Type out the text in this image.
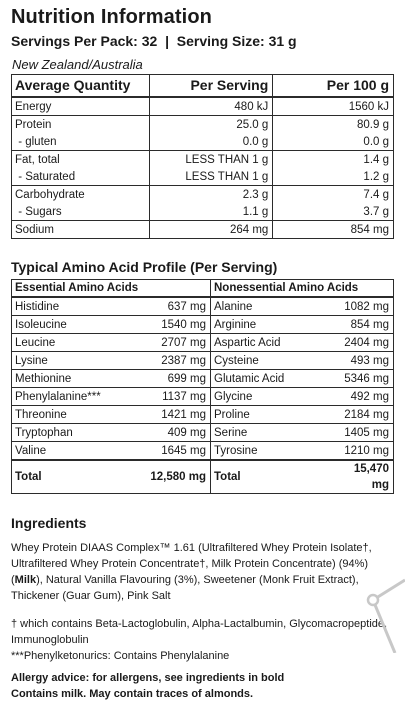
Nutrition Information
Servings Per Pack: 32  |  Serving Size: 31 g
New Zealand/Australia
Average Quantity	Per Serving	Per 100 g
Energy	480 kJ	1560 kJ
Protein	25.0 g	80.9 g
- gluten	0.0 g	0.0 g
Fat, total	LESS THAN 1 g	1.4 g
- Saturated	LESS THAN 1 g	1.2 g
Carbohydrate	2.3 g	7.4 g
- Sugars	1.1 g	3.7 g
Sodium	264 mg	854 mg
Typical Amino Acid Profile (Per Serving)
Essential Amino Acids		Nonessential Amino Acids	
Histidine	637 mg	Alanine	1082 mg
Isoleucine	1540 mg	Arginine	854 mg
Leucine	2707 mg	Aspartic Acid	2404 mg
Lysine	2387 mg	Cysteine	493 mg
Methionine	699 mg	Glutamic Acid	5346 mg
Phenylalanine***	1137 mg	Glycine	492 mg
Threonine	1421 mg	Proline	2184 mg
Tryptophan	409 mg	Serine	1405 mg
Valine	1645 mg	Tyrosine	1210 mg
Total	12,580 mg	Total	15,470 mg
Ingredients
Whey Protein DIAAS Complex™ 1.61 (Ultrafiltered Whey Protein Isolate†, Ultrafiltered Whey Protein Concentrate†, Milk Protein Concentrate) (94%) (Milk), Natural Vanilla Flavouring (3%), Sweetener (Monk Fruit Extract), Thickener (Guar Gum), Pink Salt
† which contains Beta-Lactoglobulin, Alpha-Lactalbumin, Glycomacropeptide, Immunoglobulin
***Phenylketonurics: Contains Phenylalanine
Allergy advice: for allergens, see ingredients in bold
Contains milk. May contain traces of almonds.
